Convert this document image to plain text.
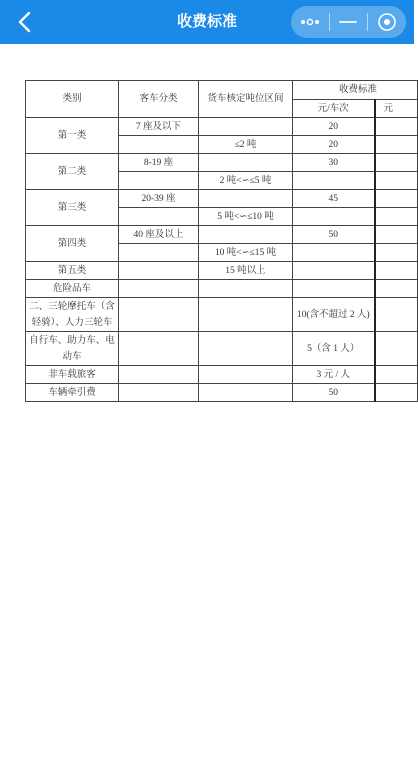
收费标准
类别	客车分类	货车核定吨位区间	收费标准	
			元/车次	元
第一类	7 座及以下		20	
		≤2 吨	20	
第二类	8-19 座		30	
		2 吨<∽≤5 吨		
第三类	20-39 座		45	
		5 吨<∽≤10 吨		
第四类	40 座及以上		50	
		10 吨<∽≤15 吨		
第五类		15 吨以上		
危险品车				
二、三轮摩托车（含轻骑）、人力三轮车			10(含不超过 2 人)	
自行车、助力车、电动车			5（含 1 人）	
非车载旅客			3 元 / 人	
车辆牵引费			50	
